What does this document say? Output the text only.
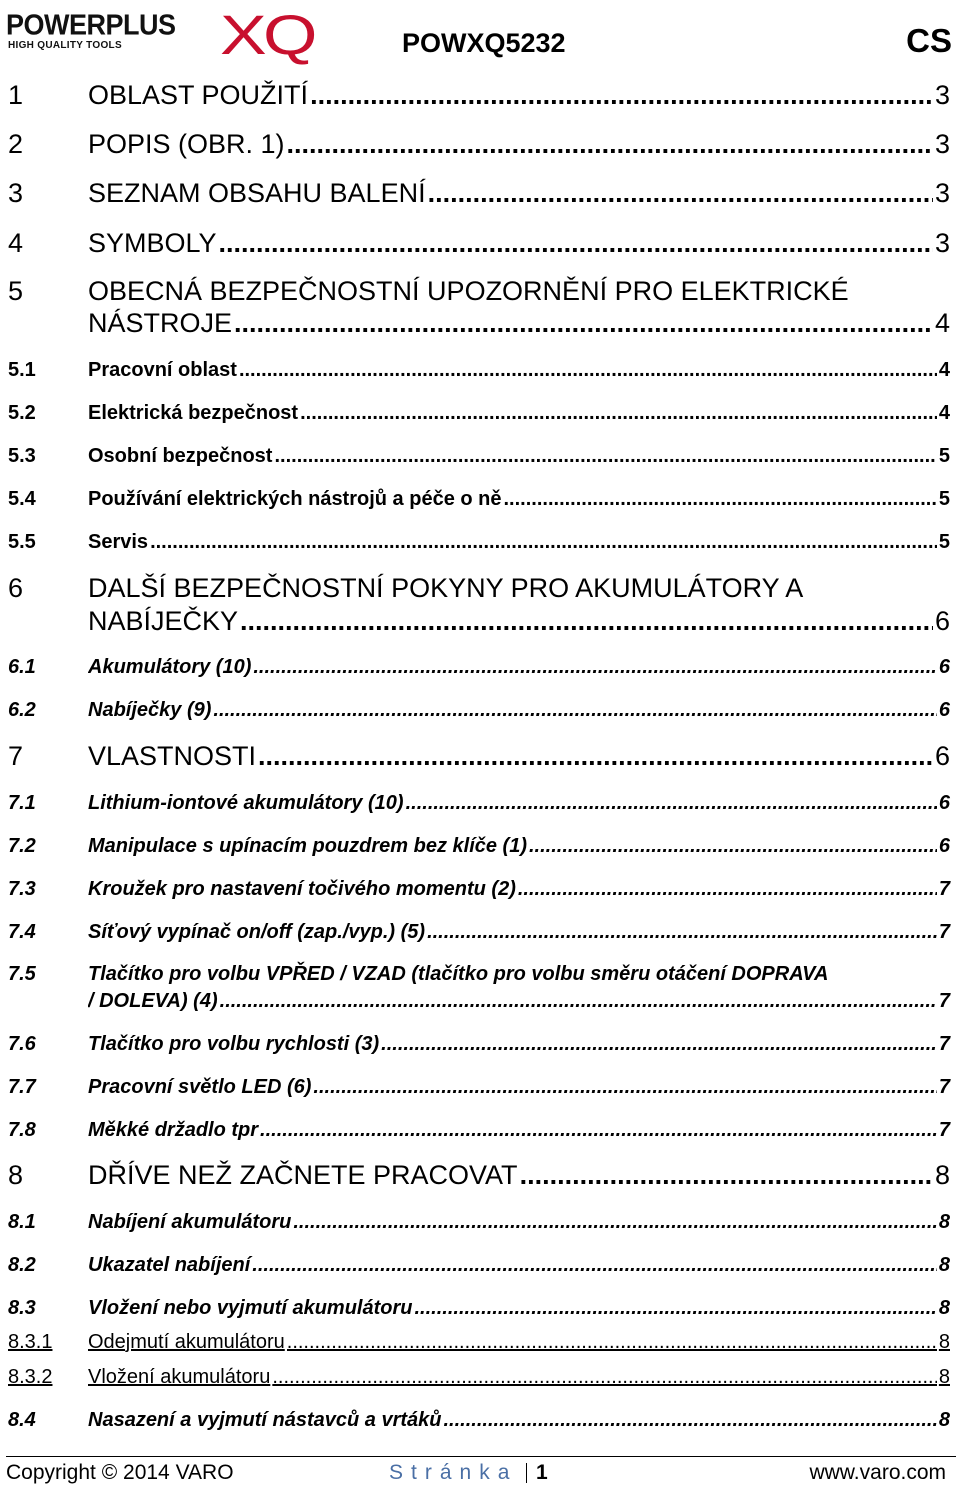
POWERPLUS
HIGH QUALITY TOOLS XQ	POWXQ5232	CS
1	OBLAST POUŽITÍ .....	3
2	POPIS (OBR. 1) .....	3
3	SEZNAM OBSAHU BALENÍ .....	3
4	SYMBOLY .....	3
5	OBECNÁ BEZPEČNOSTNÍ UPOZORNĚNÍ PRO ELEKTRICKÉ
NÁSTROJE .....	4
5.1	Pracovní oblast .....	4
5.2	Elektrická bezpečnost .....	4
5.3	Osobní bezpečnost .....	5
5.4	Používání elektrických nástrojů a péče o ně .....	5
5.5	Servis .....	5
6	DALŠÍ BEZPEČNOSTNÍ POKYNY PRO AKUMULÁTORY A
NABÍJEČKY .....	6
6.1	Akumulátory (10) .....	6
6.2	Nabíječky (9) .....	6
7	VLASTNOSTI .....	6
7.1	Lithium-iontové akumulátory (10) .....	6
7.2	Manipulace s upínacím pouzdrem bez klíče (1) .....	6
7.3	Kroužek pro nastavení točivého momentu (2) .....	7
7.4	Síťový vypínač on/off (zap./vyp.) (5) .....	7
7.5	Tlačítko pro volbu VPŘED / VZAD (tlačítko pro volbu směru otáčení DOPRAVA
/ DOLEVA) (4) .....	7
7.6	Tlačítko pro volbu rychlosti (3) .....	7
7.7	Pracovní světlo LED (6) .....	7
7.8	Měkké držadlo tpr .....	7
8	DŘÍVE NEŽ ZAČNETE PRACOVAT .....	8
8.1	Nabíjení akumulátoru .....	8
8.2	Ukazatel nabíjení .....	8
8.3	Vložení nebo vyjmutí akumulátoru .....	8
8.3.1	Odejmutí akumulátoru .....	8
8.3.2	Vložení akumulátoru .....	8
8.4	Nasazení a vyjmutí nástavců a vrtáků .....	8
Copyright © 2014 VARO	Stránka 1	www.varo.com
